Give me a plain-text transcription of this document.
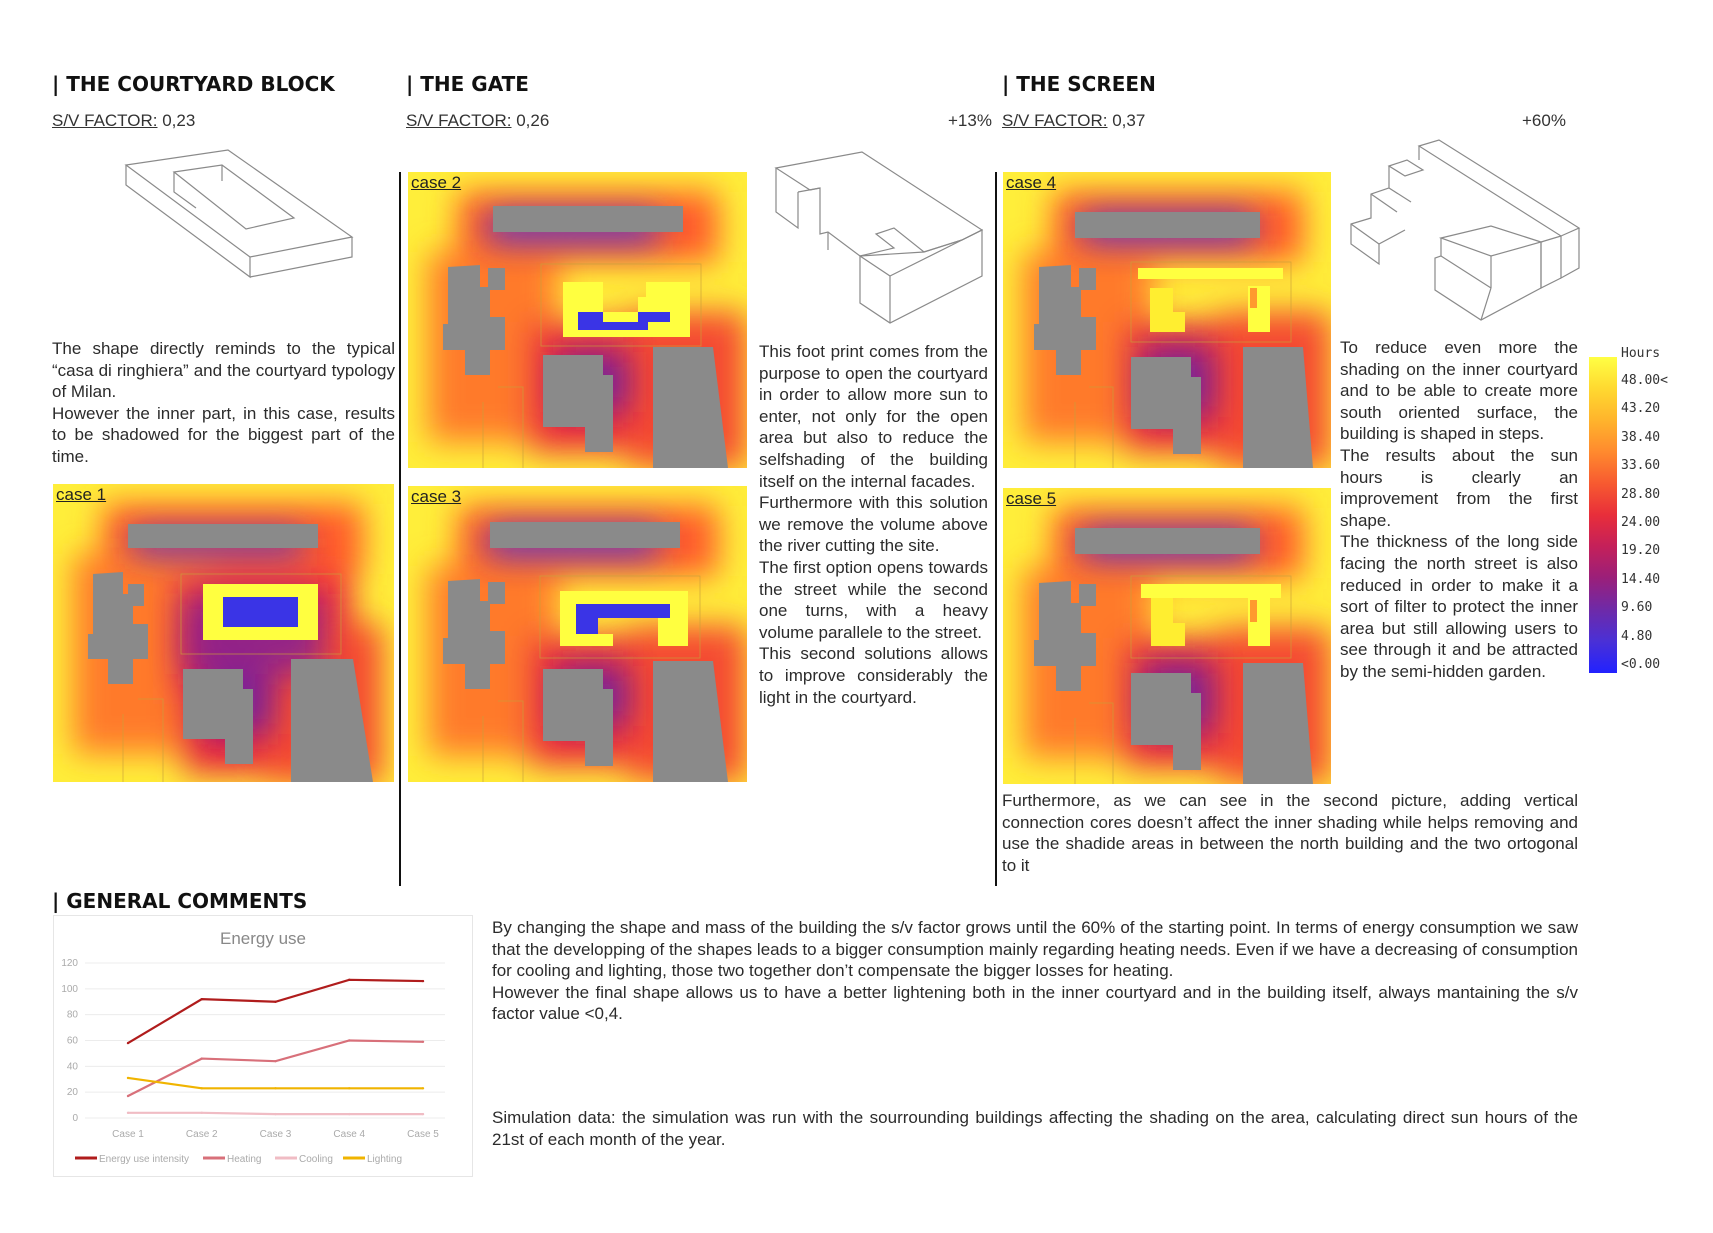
| THE COURTYARD BLOCK
S/V FACTOR: 0,23

The shape directly reminds to the typical “casa di ringhiera” and the courtyard typology of Milan.

However the inner part, in this case, results to be shadowed for the biggest part of the time.

case 1
| THE GATE
S/V FACTOR: 0,26	+13%
case 2
case 3

This foot print comes from the purpose to open the courtyard in order to allow more sun to enter, not only for the open area but also to reduce the selfshading of the building itself on the internal facades.

Furthermore with this solution we remove the volume above the river cutting the site.

The first option opens towards the street while the second one turns, with a heavy volume parallele to the street.

This second solutions allows to improve considerably the light in the courtyard.

| THE SCREEN
S/V FACTOR: 0,37	+60%
case 4
case 5

To reduce even more the shading on the inner courtyard and to be able to create more south oriented surface, the building is shaped in steps.

The results about the sun hours is clearly an improvement from the first shape.

The thickness of the long side facing the north street is also reduced in order to make it a sort of filter to protect the inner area but still allowing users to see through it and be attracted by the semi-hidden garden.

Furthermore, as we can see in the second picture, adding vertical connection cores doesn’t affect the inner shading while helps removing and use the shadide areas in between the north building and the two ortogonal to it
Hours
48.00<
43.20
38.40
33.60
28.80
24.00
19.20
14.40
9.60
4.80
<0.00
| GENERAL COMMENTS
Energy use
0
20
40
60
80
100
120
Case 1	Case 2	Case 3	Case 4	Case 5
Energy use intensity	Heating	Cooling	Lighting

By changing the shape and mass of the building the s/v factor grows until the 60% of the starting point. In terms of energy consumption we saw that the developping of the shapes leads to a bigger consumption mainly regarding heating needs. Even if we have a decreasing of consumption for cooling and lighting, those two together don’t compensate the bigger losses for heating.

However the final shape allows us to have a better lightening both in the inner courtyard and in the building itself, always mantaining the s/v factor value <0,4.

Simulation data: the simulation was run with the sourrounding buildings affecting the shading on the area, calculating direct sun hours of the 21st of each month of the year.
